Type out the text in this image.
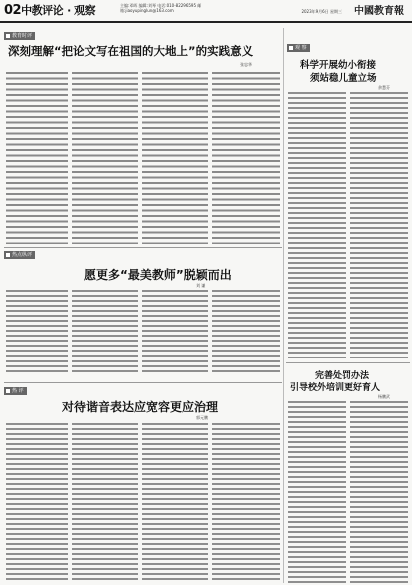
02中教评论 · 观察	主编:邓晖 编辑:刘琴 电话:010-82296595 邮箱:jiaoyupinglun@163.com	2023年9月6日 星期三 中國教育報
教育时评
深刻理解“把论文写在祖国的大地上”的实践意义
张忠华
热点纵评
愿更多“最美教师”脱颖而出
刘 谦
热 评
对待谐音表达应宽容更应治理
郭元鹏
观 察
科学开展幼小衔接
须站稳儿童立场
余慧芬
完善处罚办法
引导校外培训更好育人
杨鹏武
